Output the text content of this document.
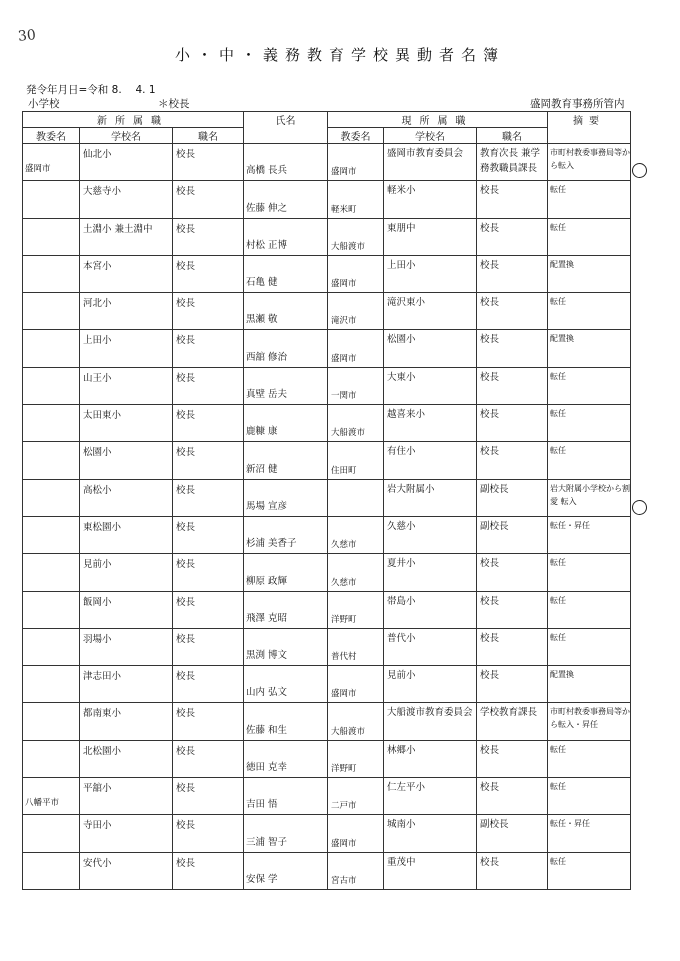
30
小・中・義務教育学校異動者名簿
発令年月日=令和 8.　 4. 1
小学校	＊校長	盛岡教育事務所管内
新所属職			氏名	現所属職			摘要
教委名	学校名	職名		教委名	学校名	職名	
盛岡市	仙北小	校長	高橋 長兵	盛岡市	盛岡市教育委員会	教育次長 兼学務教職員課長	市町村教委事務局等から転入
	大慈寺小	校長	佐藤 伸之	軽米町	軽米小	校長	転任
	土淵小 兼土淵中	校長	村松 正博	大船渡市	東朋中	校長	転任
	本宮小	校長	石亀 健	盛岡市	上田小	校長	配置換
	河北小	校長	黒瀬 敬	滝沢市	滝沢東小	校長	転任
	上田小	校長	西舘 修治	盛岡市	松園小	校長	配置換
	山王小	校長	真壁 岳夫	一関市	大東小	校長	転任
	太田東小	校長	鹿糠 康	大船渡市	越喜来小	校長	転任
	松園小	校長	新沼 健	住田町	有住小	校長	転任
	高松小	校長	馬場 宣彦		岩大附属小	副校長	岩大附属小学校から割愛 転入
	東松園小	校長	杉浦 美香子	久慈市	久慈小	副校長	転任・昇任
	見前小	校長	柳原 政輝	久慈市	夏井小	校長	転任
	飯岡小	校長	飛澤 克昭	洋野町	帯島小	校長	転任
	羽場小	校長	黒渕 博文	普代村	普代小	校長	転任
	津志田小	校長	山内 弘文	盛岡市	見前小	校長	配置換
	都南東小	校長	佐藤 和生	大船渡市	大船渡市教育委員会	学校教育課長	市町村教委事務局等から転入・昇任
	北松園小	校長	徳田 克幸	洋野町	林郷小	校長	転任
八幡平市	平舘小	校長	吉田 悟	二戸市	仁左平小	校長	転任
	寺田小	校長	三浦 智子	盛岡市	城南小	副校長	転任・昇任
	安代小	校長	安保 学	宮古市	重茂中	校長	転任
